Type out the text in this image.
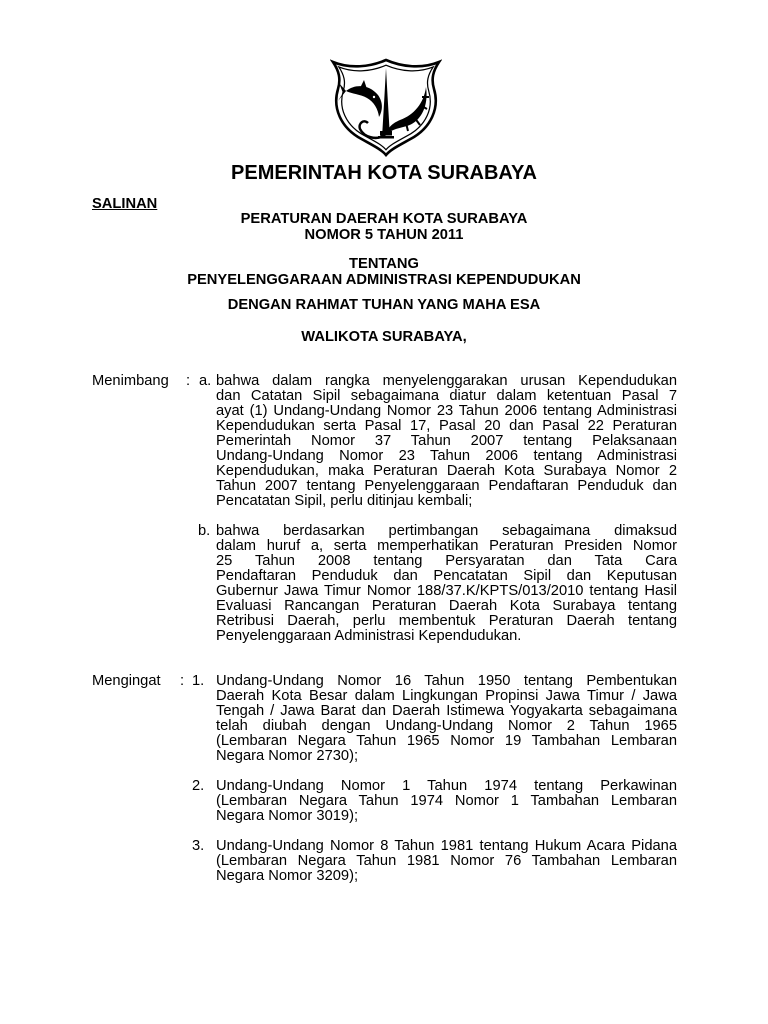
PEMERINTAH KOTA SURABAYA
SALINAN
PERATURAN DAERAH KOTA SURABAYA
NOMOR 5 TAHUN 2011
TENTANG
PENYELENGGARAAN ADMINISTRASI KEPENDUDUKAN
DENGAN RAHMAT TUHAN YANG MAHA ESA
WALIKOTA SURABAYA,
Menimbang : a. bahwa dalam rangka menyelenggarakan urusan Kependudukan
dan Catatan Sipil sebagaimana diatur dalam ketentuan Pasal 7
ayat (1) Undang-Undang Nomor 23 Tahun 2006 tentang Administrasi
Kependudukan serta Pasal 17, Pasal 20 dan Pasal 22 Peraturan
Pemerintah Nomor 37 Tahun 2007 tentang Pelaksanaan
Undang-Undang Nomor 23 Tahun 2006 tentang Administrasi
Kependudukan, maka Peraturan Daerah Kota Surabaya Nomor 2
Tahun 2007 tentang Penyelenggaraan Pendaftaran Penduduk dan
Pencatatan Sipil, perlu ditinjau kembali;
b. bahwa berdasarkan pertimbangan sebagaimana dimaksud
dalam huruf a, serta memperhatikan Peraturan Presiden Nomor
25 Tahun 2008 tentang Persyaratan dan Tata Cara
Pendaftaran Penduduk dan Pencatatan Sipil dan Keputusan
Gubernur Jawa Timur Nomor 188/37.K/KPTS/013/2010 tentang Hasil
Evaluasi Rancangan Peraturan Daerah Kota Surabaya tentang
Retribusi Daerah, perlu membentuk Peraturan Daerah tentang
Penyelenggaraan Administrasi Kependudukan.
Mengingat : 1. Undang-Undang Nomor 16 Tahun 1950 tentang Pembentukan
Daerah Kota Besar dalam Lingkungan Propinsi Jawa Timur / Jawa
Tengah / Jawa Barat dan Daerah Istimewa Yogyakarta sebagaimana
telah diubah dengan Undang-Undang Nomor 2 Tahun 1965
(Lembaran Negara Tahun 1965 Nomor 19 Tambahan Lembaran
Negara Nomor 2730);
2. Undang-Undang Nomor 1 Tahun 1974 tentang Perkawinan
(Lembaran Negara Tahun 1974 Nomor 1 Tambahan Lembaran
Negara Nomor 3019);
3. Undang-Undang Nomor 8 Tahun 1981 tentang Hukum Acara Pidana
(Lembaran Negara Tahun 1981 Nomor 76 Tambahan Lembaran
Negara Nomor 3209);
